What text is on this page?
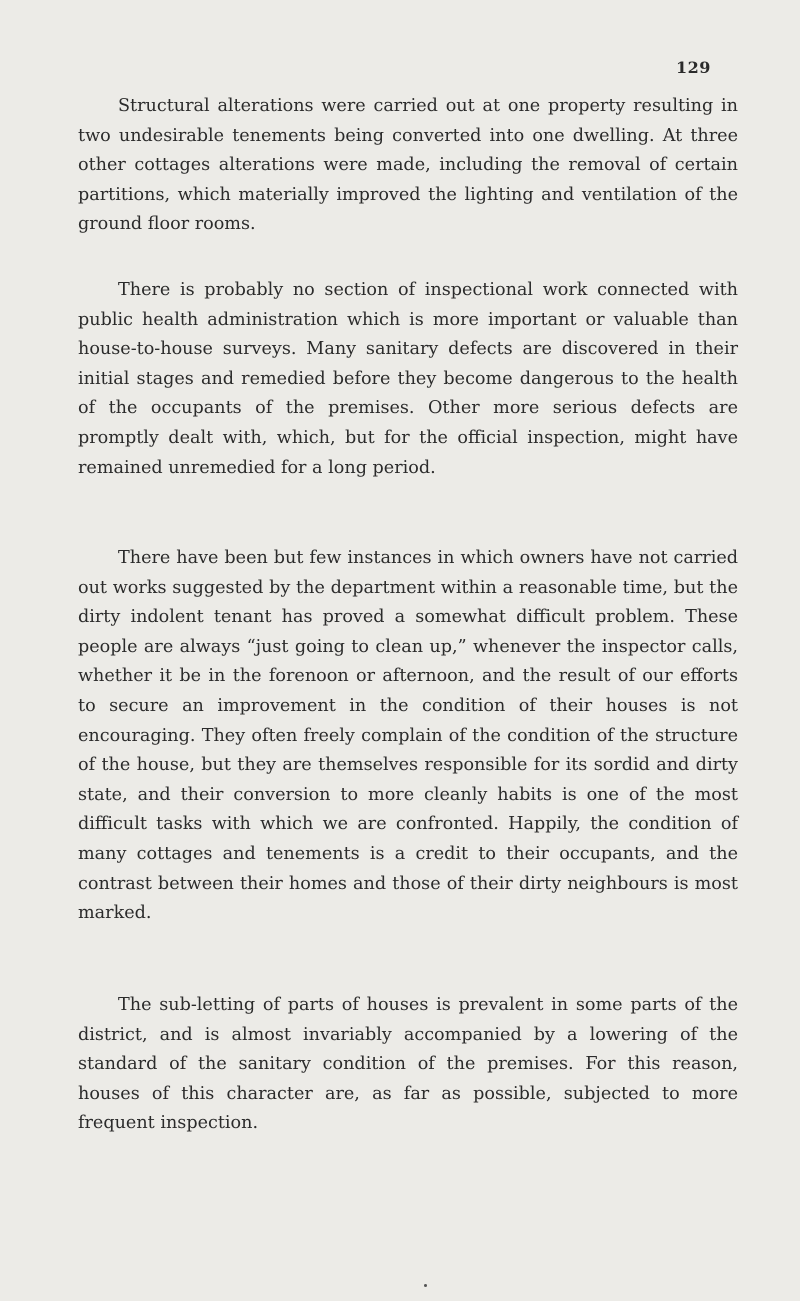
129

Structural alterations were carried out at one property resulting in two undesirable tenements being converted into one dwelling. At three other cottages alterations were made, including the removal of certain partitions, which materially improved the lighting and ventilation of the ground floor rooms.

There is probably no section of inspectional work connected with public health administration which is more important or valuable than house-to-house surveys. Many sanitary defects are discovered in their initial stages and remedied before they become dangerous to the health of the occupants of the premises. Other more serious defects are promptly dealt with, which, but for the official inspection, might have remained unremedied for a long period.

There have been but few instances in which owners have not carried out works suggested by the department within a reasonable time, but the dirty indolent tenant has proved a somewhat difficult problem. These people are always “just going to clean up,” whenever the inspector calls, whether it be in the forenoon or afternoon, and the result of our efforts to secure an improvement in the condition of their houses is not encouraging. They often freely complain of the condition of the structure of the house, but they are themselves responsible for its sordid and dirty state, and their conversion to more cleanly habits is one of the most difficult tasks with which we are confronted. Happily, the condition of many cottages and tenements is a credit to their occupants, and the contrast between their homes and those of their dirty neighbours is most marked.

The sub-letting of parts of houses is prevalent in some parts of the district, and is almost invariably accompanied by a lowering of the standard of the sanitary condition of the premises. For this reason, houses of this character are, as far as possible, subjected to more frequent inspection.
